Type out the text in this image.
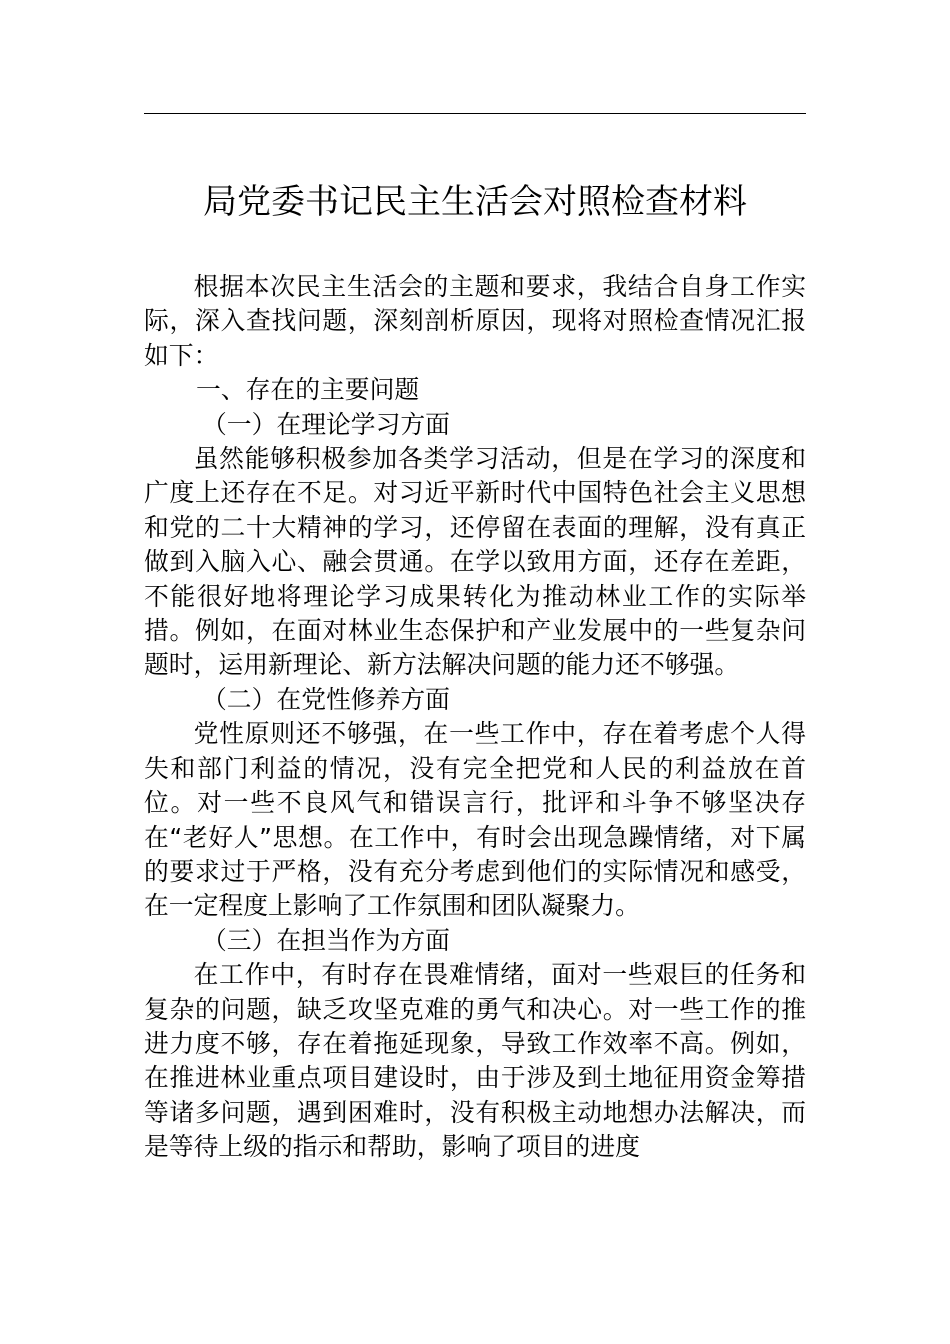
局党委书记民主生活会对照检查材料

根据本次民主生活会的主题和要求，我结合自身工作实际，深入查找问题，深刻剖析原因，现将对照检查情况汇报如下：

一、存在的主要问题

（一）在理论学习方面

虽然能够积极参加各类学习活动，但是在学习的深度和广度上还存在不足。对习近平新时代中国特色社会主义思想和党的二十大精神的学习，还停留在表面的理解，没有真正做到入脑入心、融会贯通。在学以致用方面，还存在差距，不能很好地将理论学习成果转化为推动林业工作的实际举措。例如，在面对林业生态保护和产业发展中的一些复杂问题时，运用新理论、新方法解决问题的能力还不够强。

（二）在党性修养方面

党性原则还不够强，在一些工作中，存在着考虑个人得失和部门利益的情况，没有完全把党和人民的利益放在首位。对一些不良风气和错误言行，批评和斗争不够坚决存在“老好人”思想。在工作中，有时会出现急躁情绪，对下属的要求过于严格，没有充分考虑到他们的实际情况和感受，在一定程度上影响了工作氛围和团队凝聚力。

（三）在担当作为方面

在工作中，有时存在畏难情绪，面对一些艰巨的任务和复杂的问题，缺乏攻坚克难的勇气和决心。对一些工作的推进力度不够，存在着拖延现象，导致工作效率不高。例如，在推进林业重点项目建设时，由于涉及到土地征用资金筹措等诸多问题，遇到困难时，没有积极主动地想办法解决，而是等待上级的指示和帮助，影响了项目的进度
